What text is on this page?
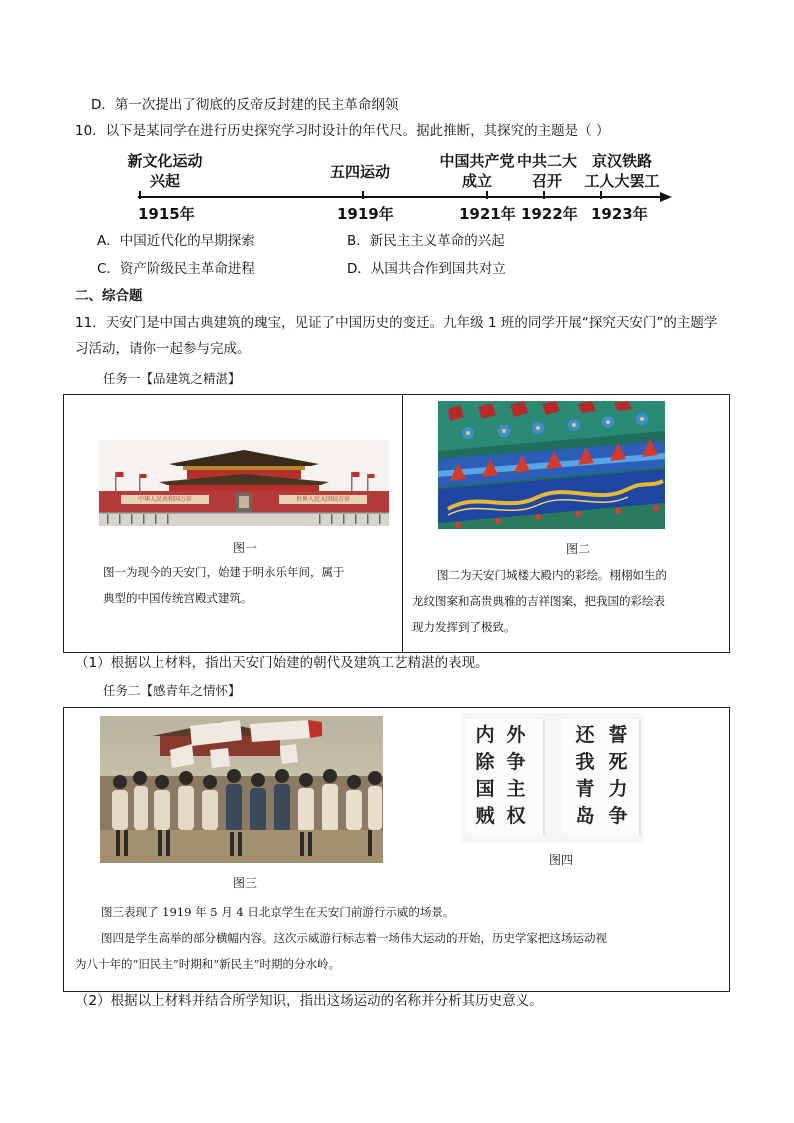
D．第一次提出了彻底的反帝反封建的民主革命纲领
10．以下是某同学在进行历史探究学习时设计的年代尺。据此推断，其探究的主题是（ ）
新文化运动
兴起	五四运动
中国共产党
成立
中共二大
召开
京汉铁路
工人大罢工
1915年	1919年	1921年 1922年 1923年
A．中国近代化的早期探索	B．新民主主义革命的兴起
C．资产阶级民主革命进程	D．从国共合作到国共对立
二、综合题
11．天安门是中国古典建筑的瑰宝，见证了中国历史的变迁。九年级 1 班的同学开展“探究天安门”的主题学
习活动，请你一起参与完成。
任务一【品建筑之精湛】
中华人民共和国万岁	世界人民大团结万岁
图一
图一为现今的天安门，始建于明永乐年间，属于
典型的中国传统宫殿式建筑。
图二
图二为天安门城楼大殿内的彩绘。栩栩如生的
龙纹图案和高贵典雅的吉祥图案，把我国的彩绘表
现力发挥到了极致。
（1）根据以上材料，指出天安门始建的朝代及建筑工艺精湛的表现。
任务二【感青年之情怀】
图三
内
除
国
贼
外
争
主
权
还
我
青
岛
誓
死
力
争
图四
图三表现了 1919 年 5 月 4 日北京学生在天安门前游行示威的场景。
图四是学生高举的部分横幅内容。这次示威游行标志着一场伟大运动的开始，历史学家把这场运动视
为八十年的“旧民主”时期和“新民主”时期的分水岭。
（2）根据以上材料并结合所学知识，指出这场运动的名称并分析其历史意义。
